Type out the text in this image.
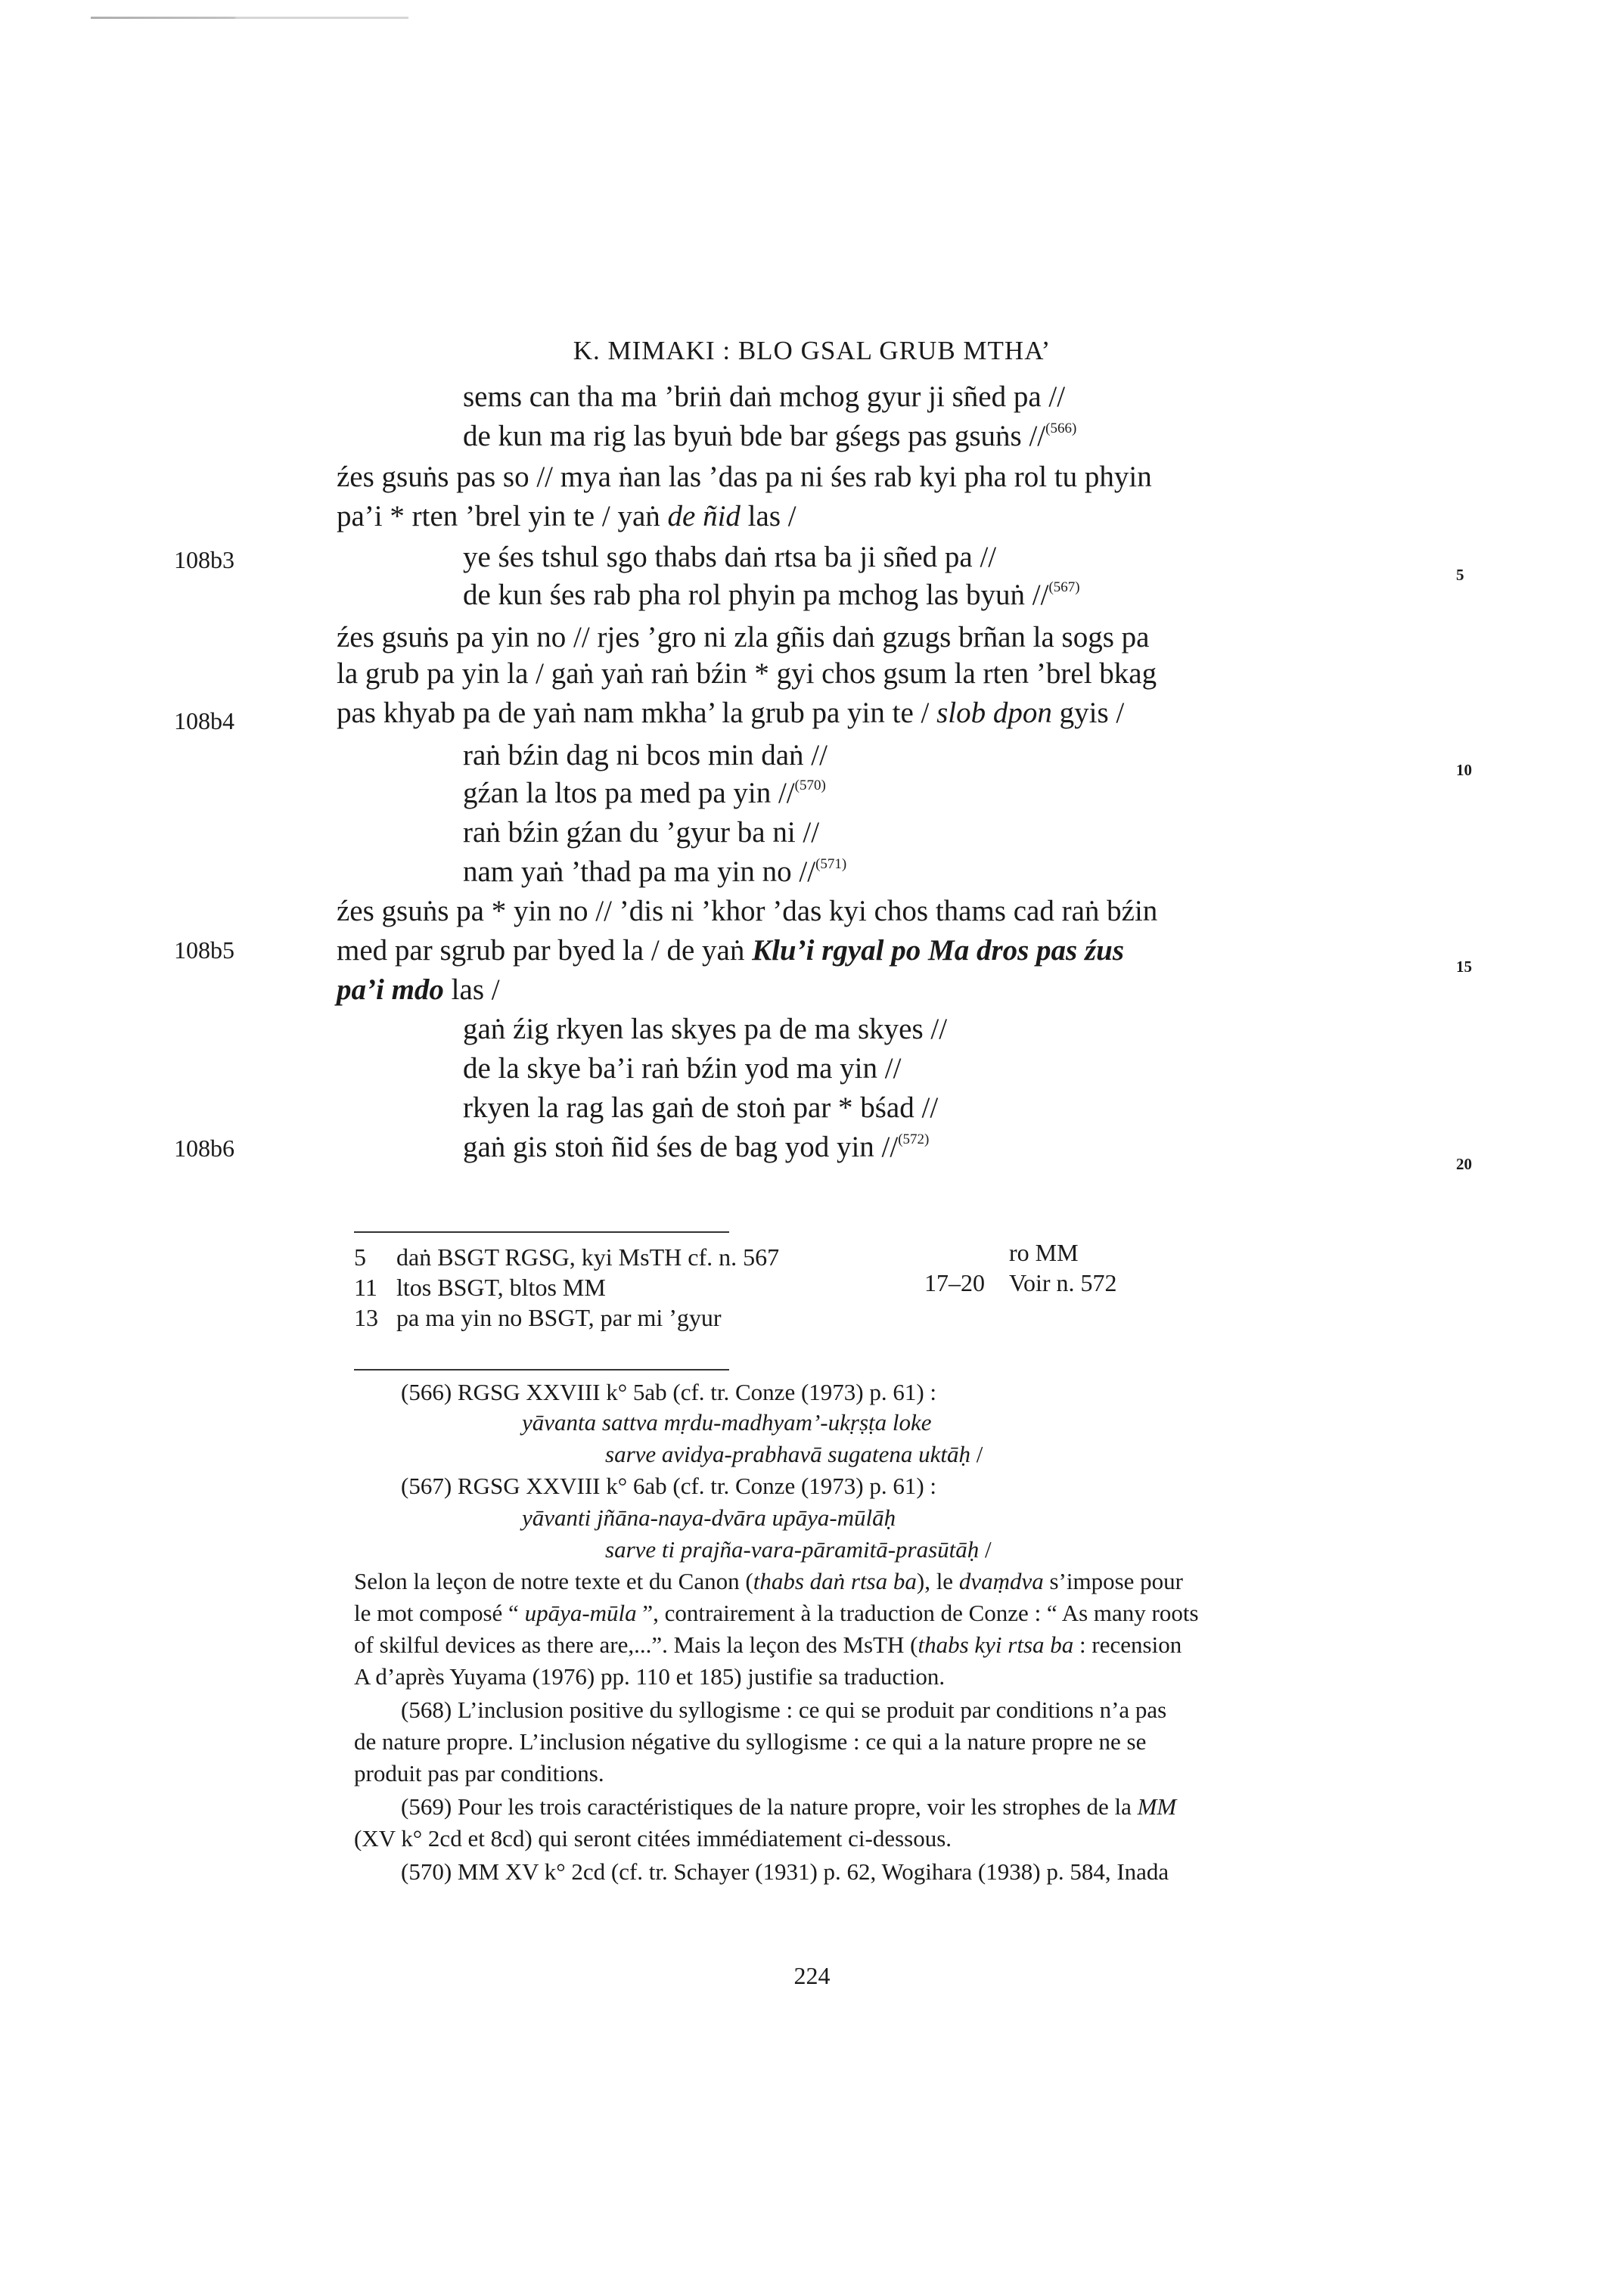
K. MIMAKI : BLO GSAL GRUB MTHA’
sems can tha ma ’briṅ daṅ mchog gyur ji sñed pa //
de kun ma rig las byuṅ bde bar gśegs pas gsuṅs //$^{(566)}$
źes gsuṅs pas so // mya ṅan las ’das pa ni śes rab kyi pha rol tu phyin
pa’i * rten ’brel yin te / yaṅ de ñid las /
ye śes tshul sgo thabs daṅ rtsa ba ji sñed pa //
de kun śes rab pha rol phyin pa mchog las byuṅ //$^{(567)}$
źes gsuṅs pa yin no // rjes ’gro ni zla gñis daṅ gzugs brñan la sogs pa
la grub pa yin la / gaṅ yaṅ raṅ bźin * gyi chos gsum la rten ’brel bkag
pas khyab pa de yaṅ nam mkha’ la grub pa yin te / slob dpon gyis /
raṅ bźin dag ni bcos min daṅ //
gźan la ltos pa med pa yin //$^{(570)}$
raṅ bźin gźan du ’gyur ba ni //
nam yaṅ ’thad pa ma yin no //$^{(571)}$
źes gsuṅs pa * yin no // ’dis ni ’khor ’das kyi chos thams cad raṅ bźin
med par sgrub par byed la / de yaṅ Klu’i rgyal po Ma dros pas źus
pa’i mdo las /
gaṅ źig rkyen las skyes pa de ma skyes //
de la skye ba’i raṅ bźin yod ma yin //
rkyen la rag las gaṅ de stoṅ par * bśad //
gaṅ gis stoṅ ñid śes de bag yod yin //$^{(572)}$
108b3
108b4
108b5
108b6
5
10
15
20
5 daṅ BSGT RGSG, kyi MsTH cf. n. 567
11 ltos BSGT, bltos MM
13 pa ma yin no BSGT, par mi ’gyur
ro MM
17–20 Voir n. 572
(566) RGSG XXVIII k° 5ab (cf. tr. Conze (1973) p. 61) :
yāvanta sattva mṛdu-madhyam’-ukṛṣṭa loke
sarve avidya-prabhavā sugatena uktāḥ /
(567) RGSG XXVIII k° 6ab (cf. tr. Conze (1973) p. 61) :
yāvanti jñāna-naya-dvāra upāya-mūlāḥ
sarve ti prajña-vara-pāramitā-prasūtāḥ /
Selon la leçon de notre texte et du Canon (thabs daṅ rtsa ba), le dvaṃdva s’impose pour
le mot composé “ upāya-mūla ”, contrairement à la traduction de Conze : “ As many roots
of skilful devices as there are,...”. Mais la leçon des MsTH (thabs kyi rtsa ba : recension
A d’après Yuyama (1976) pp. 110 et 185) justifie sa traduction.
(568) L’inclusion positive du syllogisme : ce qui se produit par conditions n’a pas
de nature propre. L’inclusion négative du syllogisme : ce qui a la nature propre ne se
produit pas par conditions.
(569) Pour les trois caractéristiques de la nature propre, voir les strophes de la MM
(XV k° 2cd et 8cd) qui seront citées immédiatement ci-dessous.
(570) MM XV k° 2cd (cf. tr. Schayer (1931) p. 62, Wogihara (1938) p. 584, Inada
224
